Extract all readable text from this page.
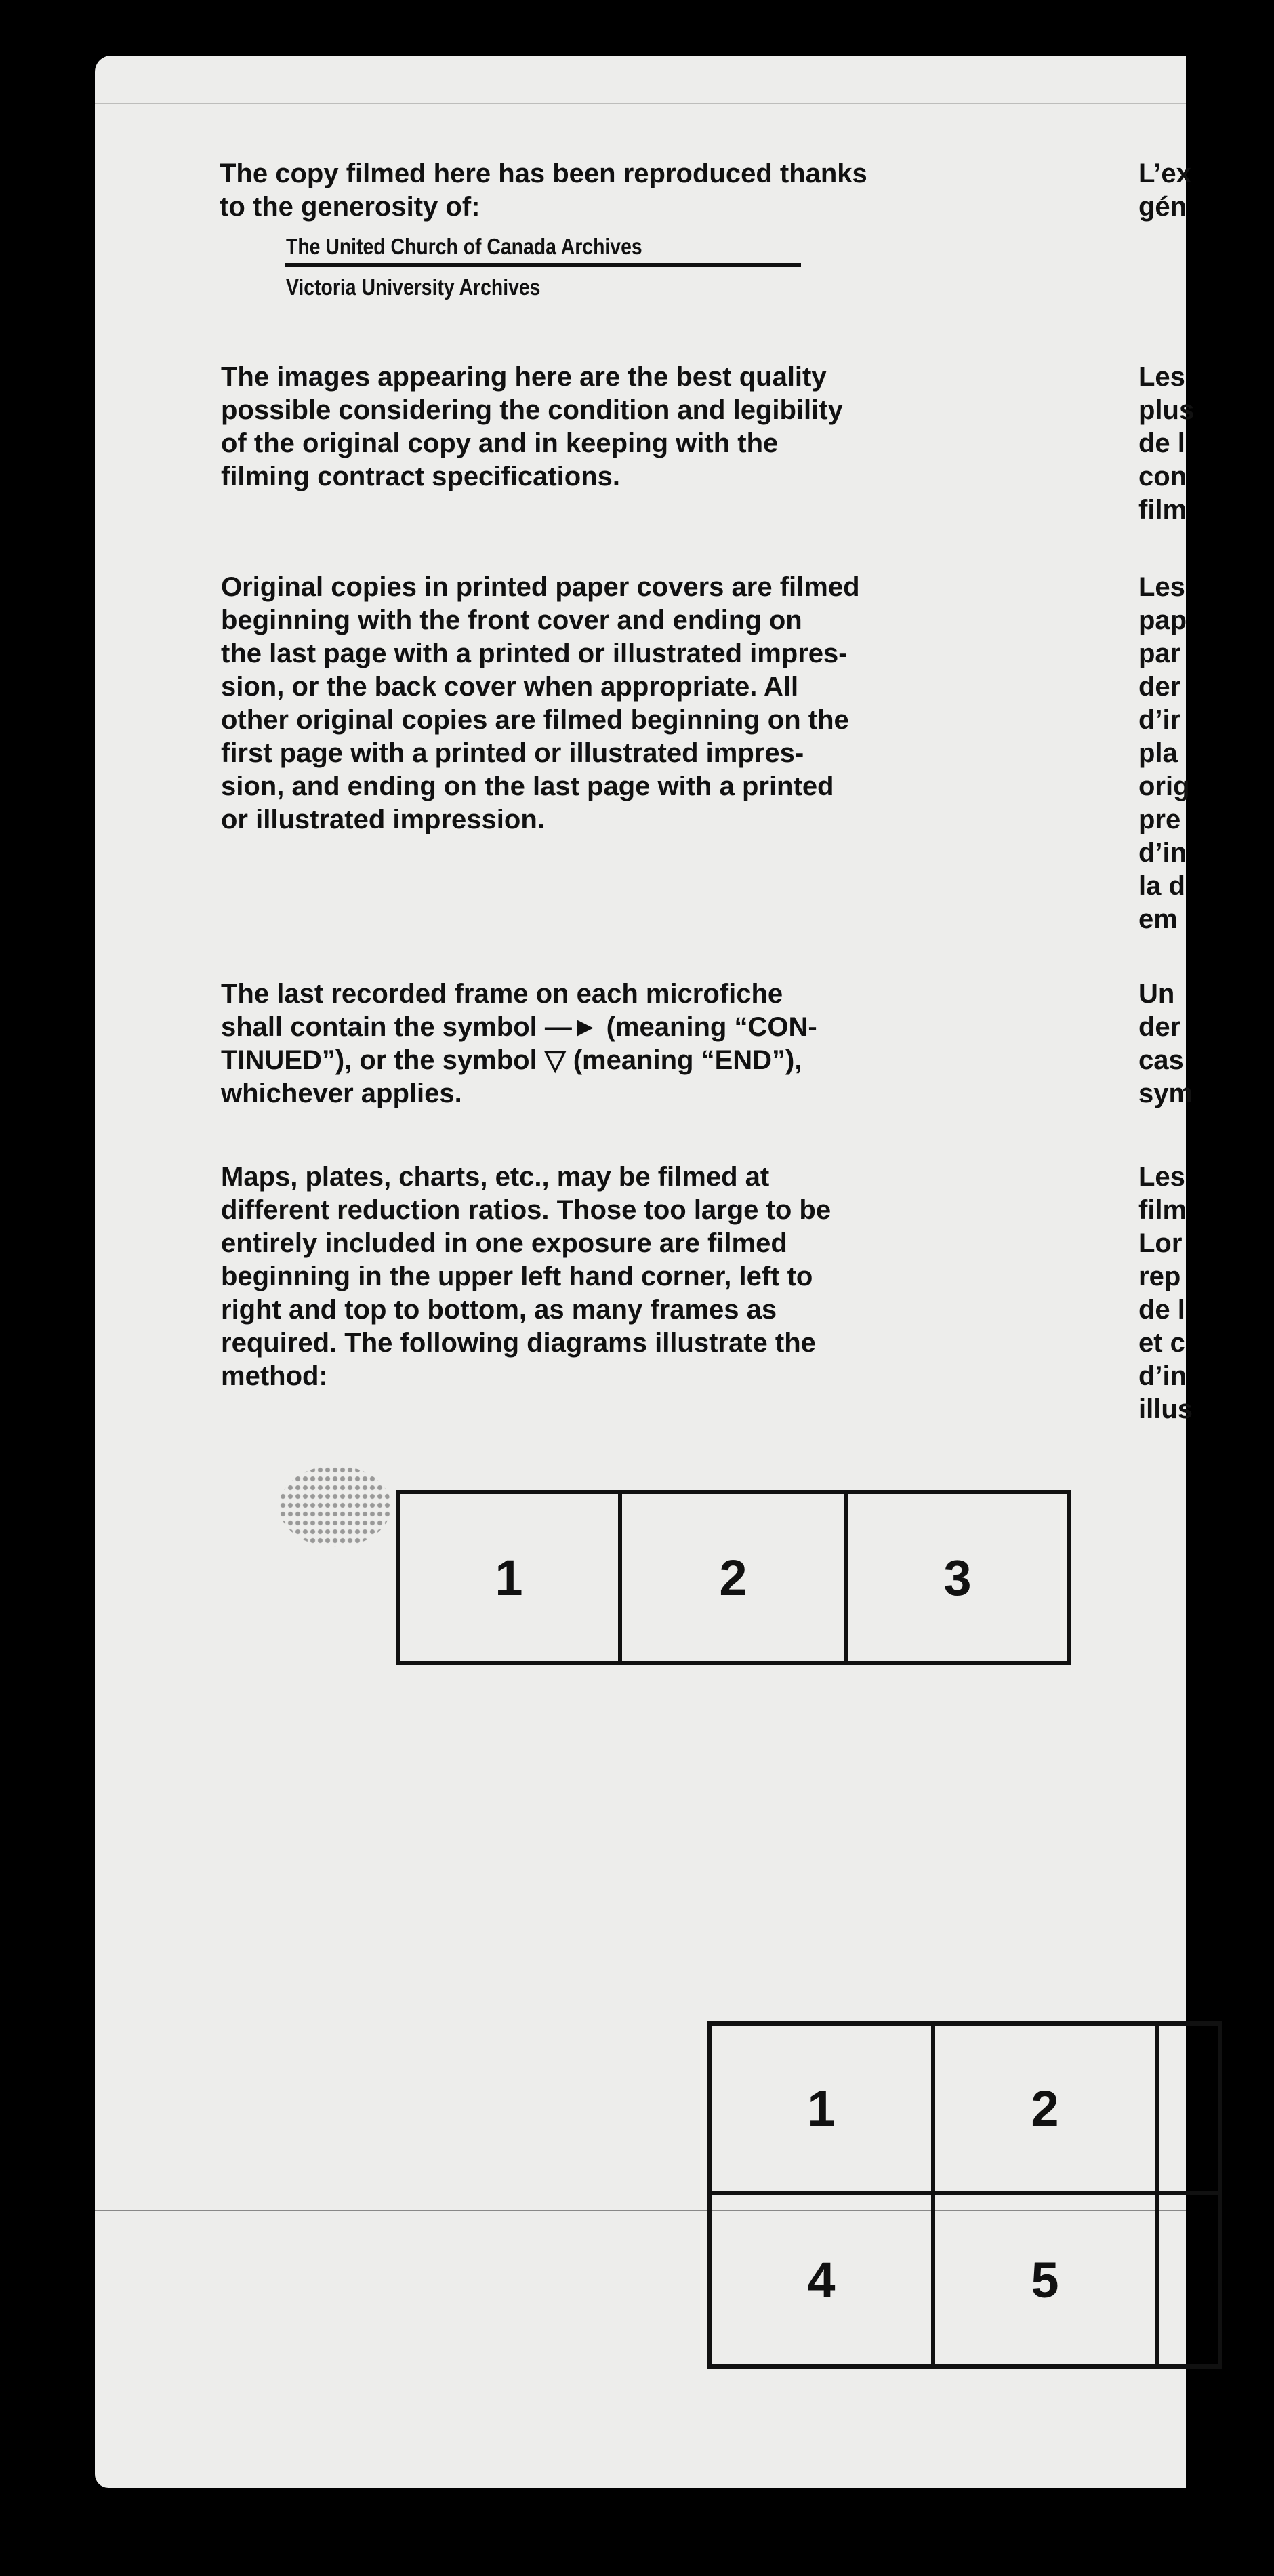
The copy filmed here has been reproduced thanks
to the generosity of:

The United Church of Canada Archives

Victoria University Archives

The images appearing here are the best quality
possible considering the condition and legibility
of the original copy and in keeping with the
filming contract specifications.

Original copies in printed paper covers are filmed
beginning with the front cover and ending on
the last page with a printed or illustrated impres-
sion, or the back cover when appropriate. All
other original copies are filmed beginning on the
first page with a printed or illustrated impres-
sion, and ending on the last page with a printed
or illustrated impression.

The last recorded frame on each microfiche
shall contain the symbol —► (meaning “CON-
TINUED”), or the symbol ▽ (meaning “END”),
whichever applies.

Maps, plates, charts, etc., may be filmed at
different reduction ratios. Those too large to be
entirely included in one exposure are filmed
beginning in the upper left hand corner, left to
right and top to bottom, as many frames as
required. The following diagrams illustrate the
method:

L’ex
gén

Les
plus
de l
con
film

Les
pap
par
der
d’ir
pla
orig
pre
d’in
la d
em

Un
der
cas
sym

Les
film
Lor
rep
de l
et c
d’in
illus

1	2	3
1	2
4	5
